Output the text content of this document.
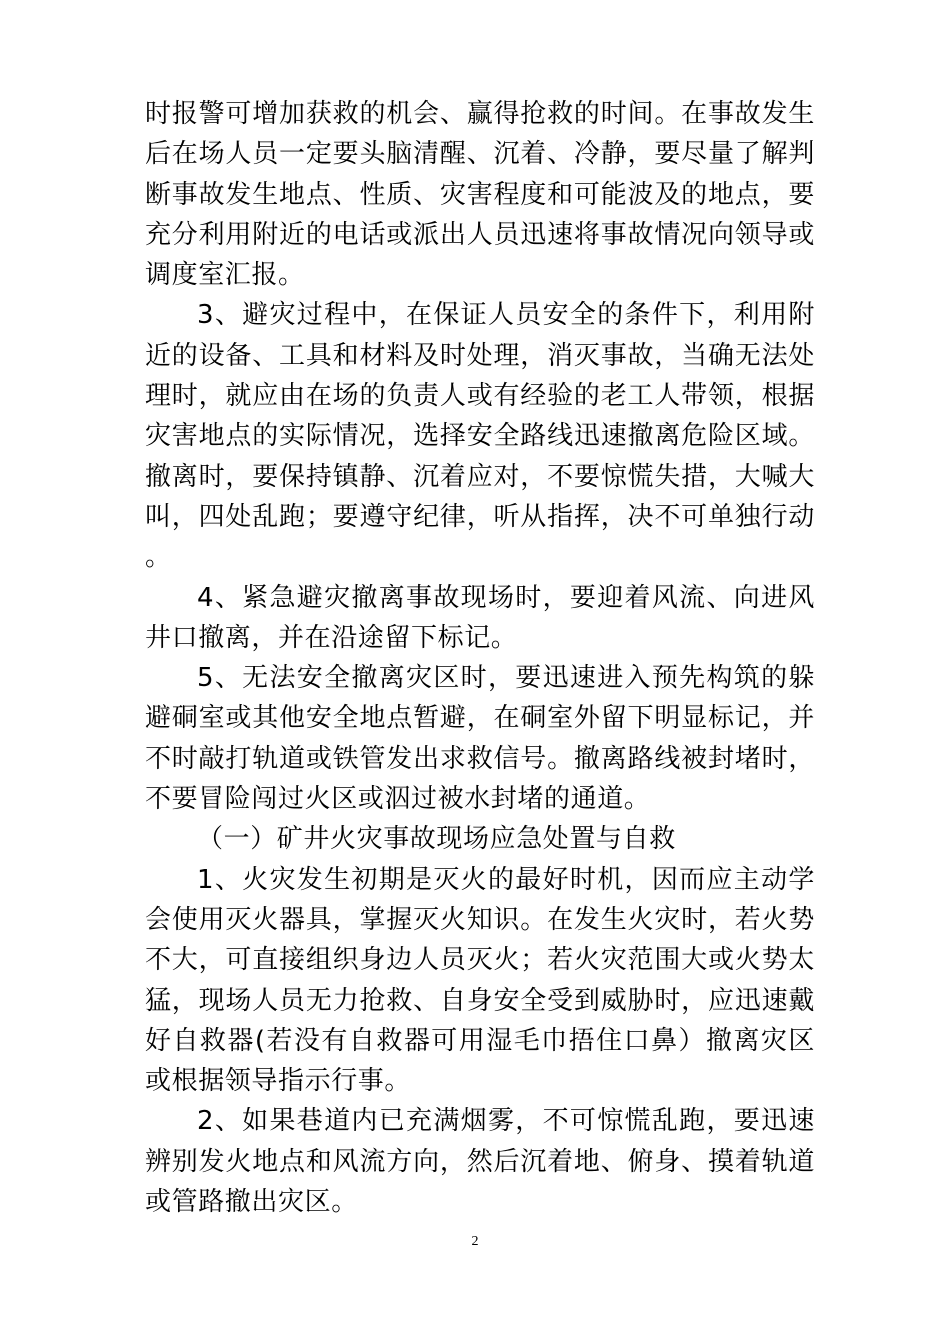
时报警可增加获救的机会、赢得抢救的时间。在事故发生后在场人员一定要头脑清醒、沉着、冷静，要尽量了解判断事故发生地点、性质、灾害程度和可能波及的地点，要充分利用附近的电话或派出人员迅速将事故情况向领导或调度室汇报。

3、避灾过程中，在保证人员安全的条件下，利用附近的设备、工具和材料及时处理，消灭事故，当确无法处理时，就应由在场的负责人或有经验的老工人带领，根据灾害地点的实际情况，选择安全路线迅速撤离危险区域。撤离时，要保持镇静、沉着应对，不要惊慌失措，大喊大叫，四处乱跑；要遵守纪律，听从指挥，决不可单独行动。

4、紧急避灾撤离事故现场时，要迎着风流、向进风井口撤离，并在沿途留下标记。

5、无法安全撤离灾区时，要迅速进入预先构筑的躲避硐室或其他安全地点暂避，在硐室外留下明显标记，并不时敲打轨道或铁管发出求救信号。撤离路线被封堵时，不要冒险闯过火区或泅过被水封堵的通道。

（一）矿井火灾事故现场应急处置与自救

1、火灾发生初期是灭火的最好时机，因而应主动学会使用灭火器具，掌握灭火知识。在发生火灾时，若火势不大，可直接组织身边人员灭火；若火灾范围大或火势太猛，现场人员无力抢救、自身安全受到威胁时，应迅速戴好自救器(若没有自救器可用湿毛巾捂住口鼻）撤离灾区或根据领导指示行事。

2、如果巷道内已充满烟雾，不可惊慌乱跑，要迅速辨别发火地点和风流方向，然后沉着地、俯身、摸着轨道或管路撤出灾区。

2
